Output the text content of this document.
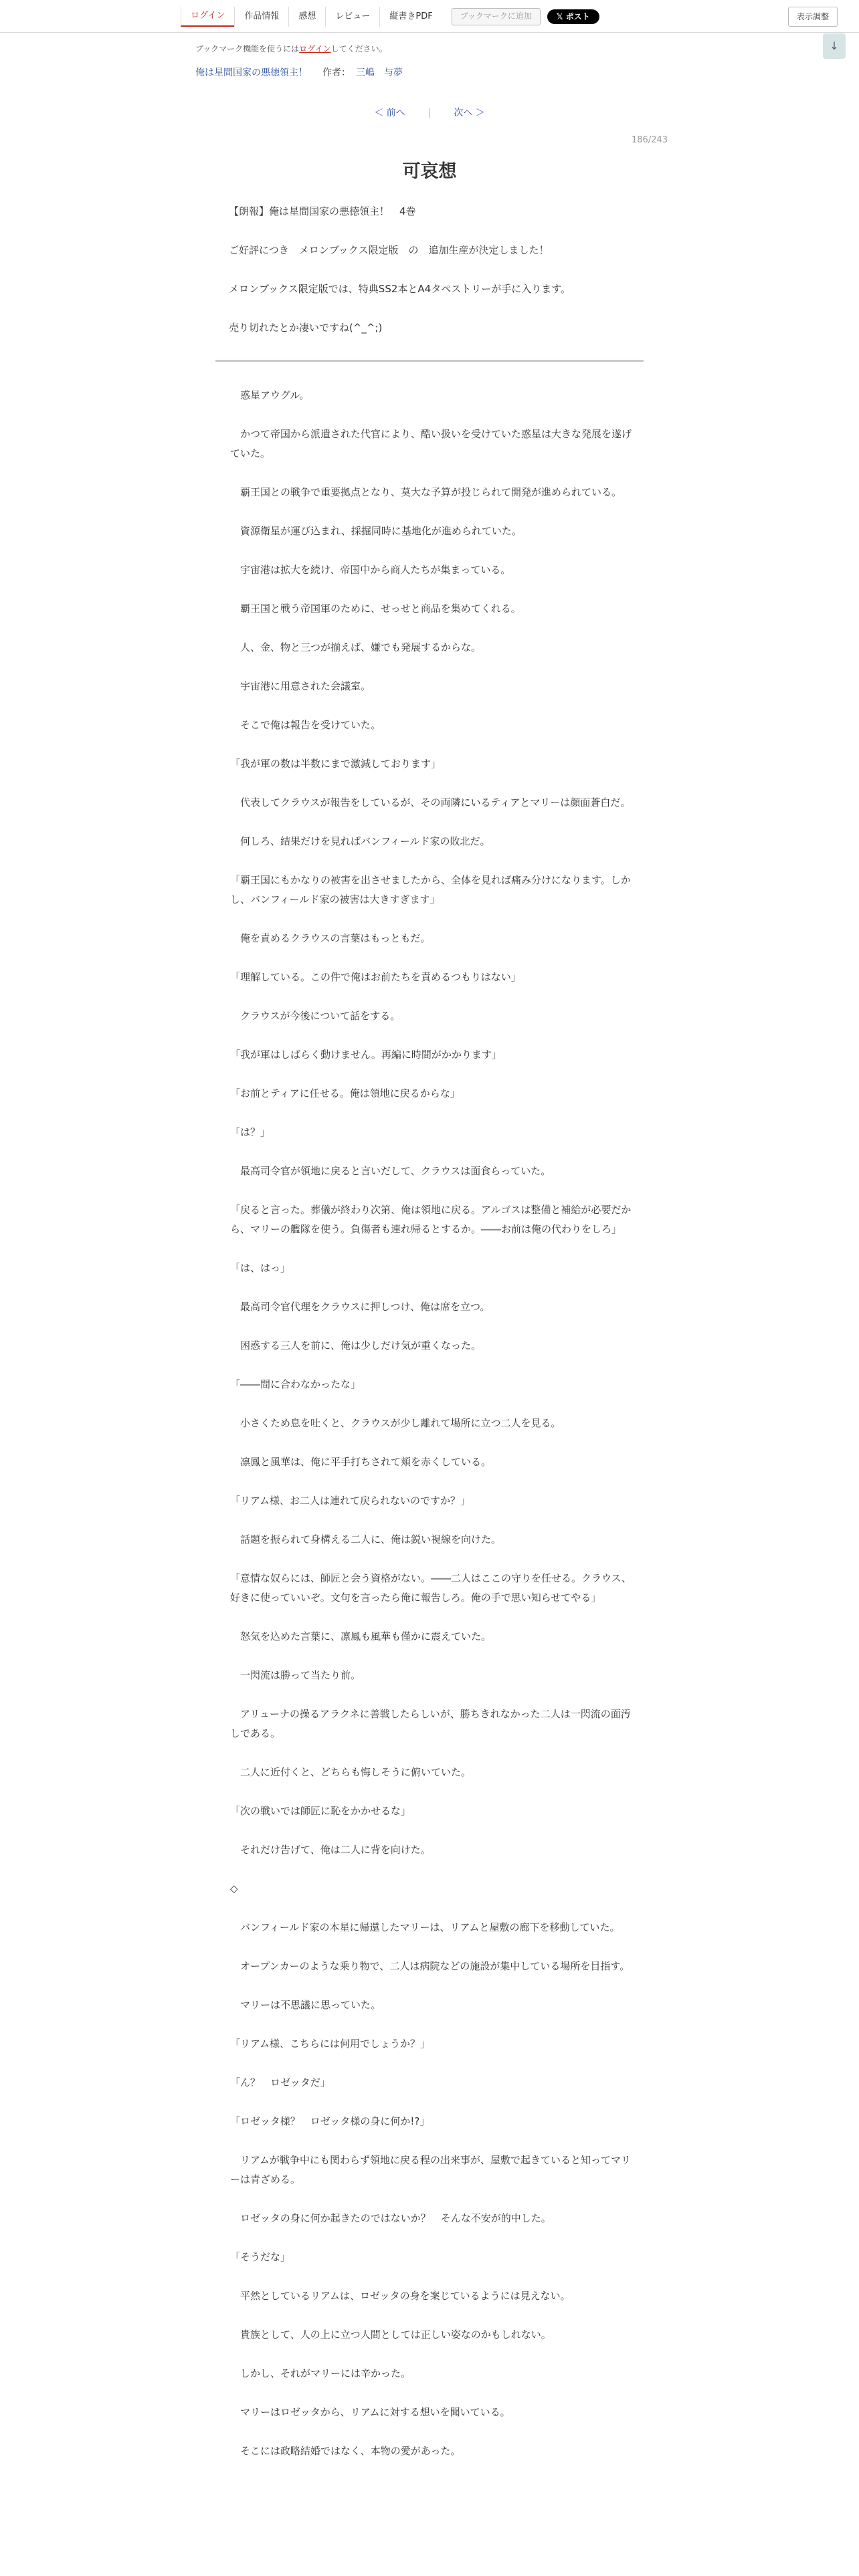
ログイン	作品情報	感想	レビュー	縦書きPDF	ブックマークに追加	𝕏 ポスト	表示調整
↓
ブックマーク機能を使うにはログインしてください。
俺は星間国家の悪徳領主！ 作者： 三嶋　与夢
＜ 前へ | 次へ ＞
186/243
可哀想

【朗報】俺は星間国家の悪徳領主！　4巻

ご好評につき　メロンブックス限定版　の　追加生産が決定しました！

メロンブックス限定版では、特典SS2本とA4タペストリーが手に入ります。

売り切れたとか凄いですね(^_^;)

　惑星アウグル。

　かつて帝国から派遣された代官により、酷い扱いを受けていた惑星は大きな発展を遂げていた。

　覇王国との戦争で重要拠点となり、莫大な予算が投じられて開発が進められている。

　資源衛星が運び込まれ、採掘同時に基地化が進められていた。

　宇宙港は拡大を続け、帝国中から商人たちが集まっている。

　覇王国と戦う帝国軍のために、せっせと商品を集めてくれる。

　人、金、物と三つが揃えば、嫌でも発展するからな。

　宇宙港に用意された会議室。

　そこで俺は報告を受けていた。

「我が軍の数は半数にまで激減しております」

　代表してクラウスが報告をしているが、その両隣にいるティアとマリーは顔面蒼白だ。

　何しろ、結果だけを見ればバンフィールド家の敗北だ。

「覇王国にもかなりの被害を出させましたから、全体を見れば痛み分けになります。しかし、バンフィールド家の被害は大きすぎます」

　俺を責めるクラウスの言葉はもっともだ。

「理解している。この件で俺はお前たちを責めるつもりはない」

　クラウスが今後について話をする。

「我が軍はしばらく動けません。再編に時間がかかります」

「お前とティアに任せる。俺は領地に戻るからな」

「は？」

　最高司令官が領地に戻ると言いだして、クラウスは面食らっていた。

「戻ると言った。葬儀が終わり次第、俺は領地に戻る。アルゴスは整備と補給が必要だから、マリーの艦隊を使う。負傷者も連れ帰るとするか。――お前は俺の代わりをしろ」

「は、はっ」

　最高司令官代理をクラウスに押しつけ、俺は席を立つ。

　困惑する三人を前に、俺は少しだけ気が重くなった。

「――間に合わなかったな」

　小さくため息を吐くと、クラウスが少し離れて場所に立つ二人を見る。

　凛鳳と風華は、俺に平手打ちされて頬を赤くしている。

「リアム様、お二人は連れて戻られないのですか？」

　話題を振られて身構える二人に、俺は鋭い視線を向けた。

「意情な奴らには、師匠と会う資格がない。――二人はここの守りを任せる。クラウス、好きに使っていいぞ。文句を言ったら俺に報告しろ。俺の手で思い知らせてやる」

　怒気を込めた言葉に、凛鳳も風華も僅かに震えていた。

　一閃流は勝って当たり前。

　アリューナの操るアラクネに善戦したらしいが、勝ちきれなかった二人は一閃流の面汚しである。

　二人に近付くと、どちらも悔しそうに俯いていた。

「次の戦いでは師匠に恥をかかせるな」

　それだけ告げて、俺は二人に背を向けた。

◇

　バンフィールド家の本星に帰還したマリーは、リアムと屋敷の廊下を移動していた。

　オープンカーのような乗り物で、二人は病院などの施設が集中している場所を目指す。

　マリーは不思議に思っていた。

「リアム様、こちらには何用でしょうか？」

「ん？　ロゼッタだ」

「ロゼッタ様？　ロゼッタ様の身に何か!?」

　リアムが戦争中にも関わらず領地に戻る程の出来事が、屋敷で起きていると知ってマリーは青ざめる。

　ロゼッタの身に何か起きたのではないか？　そんな不安が的中した。

「そうだな」

　平然としているリアムは、ロゼッタの身を案じているようには見えない。

　貴族として、人の上に立つ人間としては正しい姿なのかもしれない。

　しかし、それがマリーには辛かった。

　マリーはロゼッタから、リアムに対する想いを聞いている。

　そこには政略結婚ではなく、本物の愛があった。
